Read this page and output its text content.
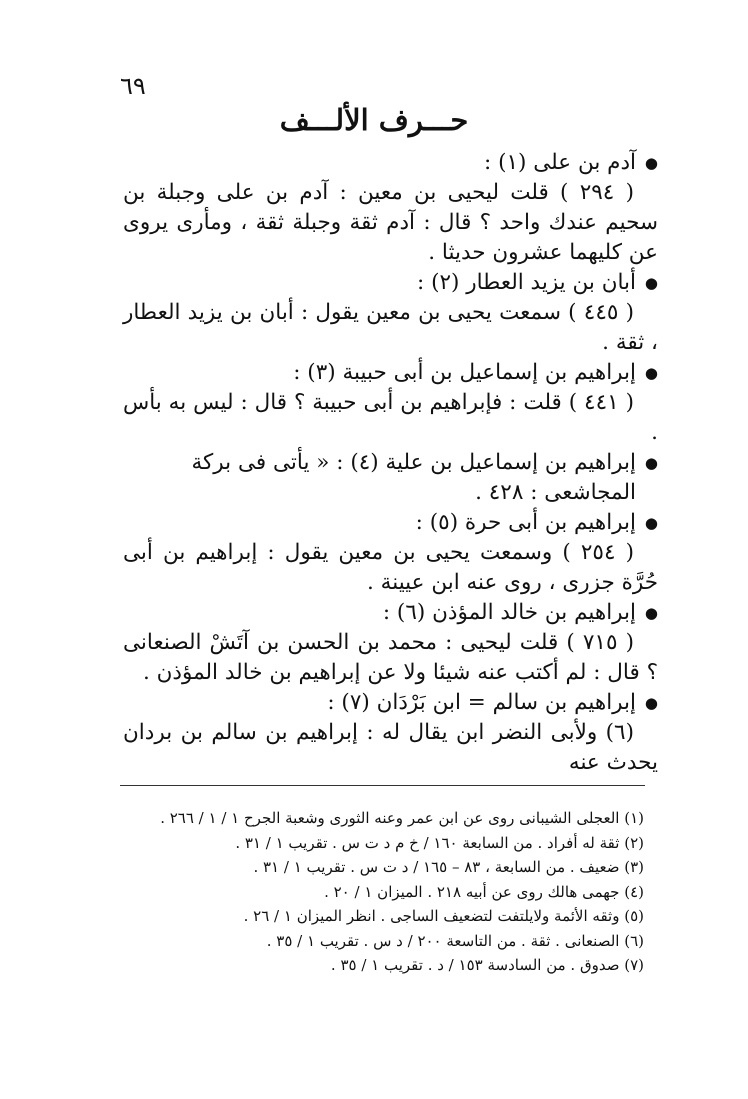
٦٩
حـــرف الألـــف
● آدم بن على (١) :
( ٢٩٤ ) قلت ليحيى بن معين : آدم بن على وجبلة بن سحيم عندك واحد ؟ قال : آدم ثقة وجبلة ثقة ، ومأرى يروى عن كليهما عشرون حديثا .
● أبان بن يزيد العطار (٢) :
( ٤٤٥ ) سمعت يحيى بن معين يقول : أبان بن يزيد العطار ، ثقة .
● إبراهيم بن إسماعيل بن أبى حبيبة (٣) :
( ٤٤١ ) قلت : فإبراهيم بن أبى حبيبة ؟ قال : ليس به بأس .
● إبراهيم بن إسماعيل بن علية (٤) : « يأتى فى بركة المجاشعى : ٤٢٨ .
● إبراهيم بن أبى حرة (٥) :
( ٢٥٤ ) وسمعت يحيى بن معين يقول : إبراهيم بن أبى حُرَّة جزرى ، روى عنه ابن عيينة .
● إبراهيم بن خالد المؤذن (٦) :
( ٧١٥ ) قلت ليحيى : محمد بن الحسن بن آتَشْ الصنعانى ؟ قال : لم أكتب عنه شيئا ولا عن إبراهيم بن خالد المؤذن .
● إبراهيم بن سالم = ابن بَرْدَان (٧) :
(٦) ولأبى النضر ابن يقال له : إبراهيم بن سالم بن بردان يحدث عنه
(١) العجلى الشيبانى روى عن ابن عمر وعنه الثورى وشعبة الجرح ١ / ١ / ٢٦٦ .
(٢) ثقة له أفراد . من السابعة ١٦٠ / خ م د ت س . تقريب ١ / ٣١ .
(٣) ضعيف . من السابعة ، ٨٣ – ١٦٥ / د ت س . تقريب ١ / ٣١ .
(٤) جهمى هالك روى عن أبيه ٢١٨ . الميزان ١ / ٢٠ .
(٥) وثقه الأئمة ولايلتفت لتضعيف الساجى . انظر الميزان ١ / ٢٦ .
(٦) الصنعانى . ثقة . من التاسعة ٢٠٠ / د س . تقريب ١ / ٣٥ .
(٧) صدوق . من السادسة ١٥٣ / د . تقريب ١ / ٣٥ .
